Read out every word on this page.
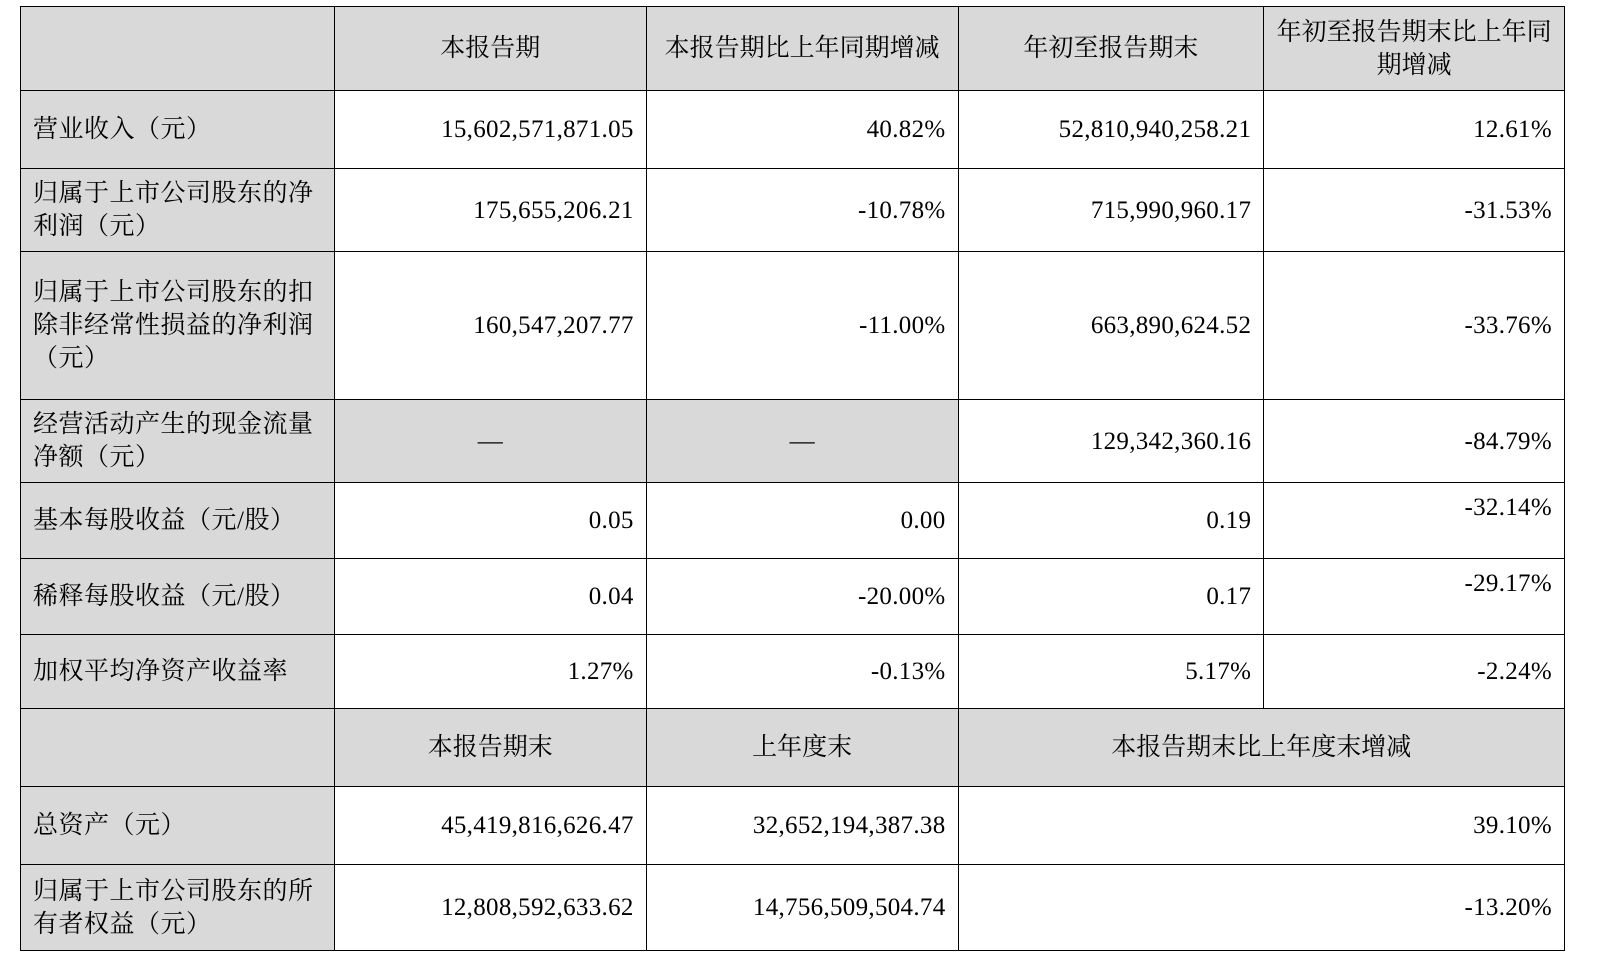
	本报告期	本报告期比上年同期增减	年初至报告期末	年初至报告期末比上年同期增减
营业收入（元）	15,602,571,871.05	40.82%	52,810,940,258.21	12.61%
归属于上市公司股东的净利润（元）	175,655,206.21	-10.78%	715,990,960.17	-31.53%
归属于上市公司股东的扣除非经常性损益的净利润（元）	160,547,207.77	-11.00%	663,890,624.52	-33.76%
经营活动产生的现金流量净额（元）	—	—	129,342,360.16	-84.79%
基本每股收益（元/股）	0.05	0.00	0.19	-32.14%
稀释每股收益（元/股）	0.04	-20.00%	0.17	-29.17%
加权平均净资产收益率	1.27%	-0.13%	5.17%	-2.24%
	本报告期末	上年度末	本报告期末比上年度末增减	
总资产（元）	45,419,816,626.47	32,652,194,387.38	39.10%	
归属于上市公司股东的所有者权益（元）	12,808,592,633.62	14,756,509,504.74	-13.20%	
